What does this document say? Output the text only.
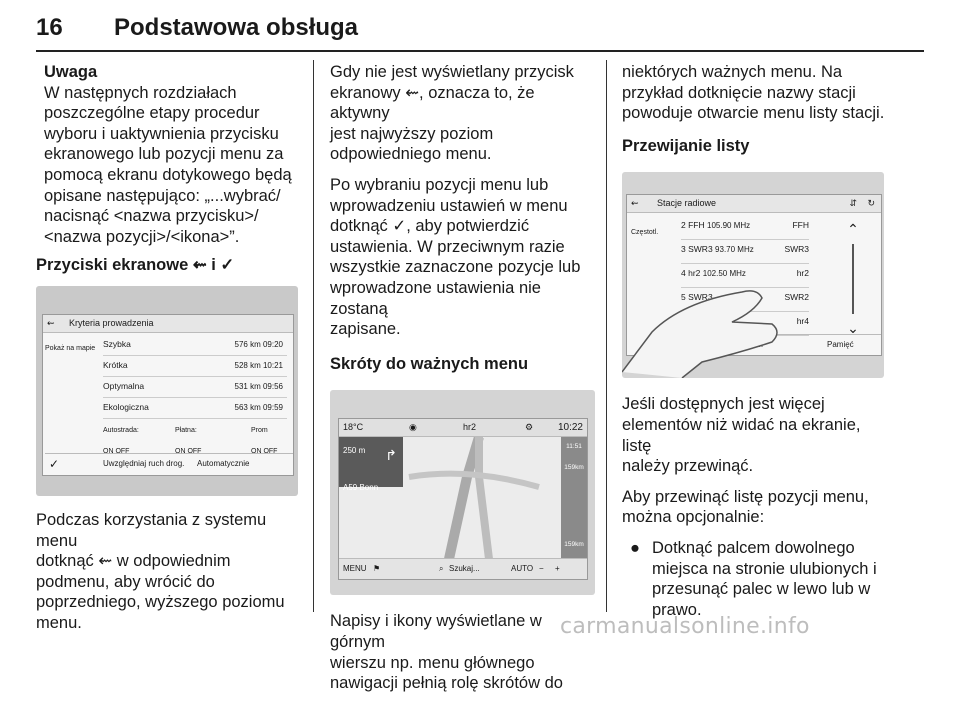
16 Podstawowa obsługa
Uwaga
W następnych rozdziałach
poszczególne etapy procedur
wyboru i uaktywnienia przycisku
ekranowego lub pozycji menu za
pomocą ekranu dotykowego będą
opisane następująco: „...wybrać/
nacisnąć <nazwa przycisku>/
<nazwa pozycji>/<ikona>”.

Przyciski ekranowe ⇜ i ✓

⇜ Kryteria prowadzenia
Pokaż na mapie Szybka	576 km 09:20
Krótka	528 km 10:21
Optymalna	531 km 09:56
Ekologiczna	563 km 09:59
Autostrada:
ON OFF
Płatna:
ON OFF
Prom
ON OFF
✓	Uwzględniaj ruch drog. Automatycznie

Podczas korzystania z systemu menu
dotknąć ⇜ w odpowiednim
podmenu, aby wrócić do
poprzedniego, wyższego poziomu
menu.

Gdy nie jest wyświetlany przycisk
ekranowy ⇜, oznacza to, że aktywny
jest najwyższy poziom
odpowiedniego menu.

Po wybraniu pozycji menu lub
wprowadzeniu ustawień w menu
dotknąć ✓, aby potwierdzić
ustawienia. W przeciwnym razie
wszystkie zaznaczone pozycje lub
wprowadzone ustawienia nie zostaną
zapisane.

Skróty do ważnych menu

18°C	◉	hr2	⚙ 10:22
250 m
A59 Bonn
↱
11:51
159km
159km
MENU ⚑	⌕ Szukaj...	AUTO − +

Napisy i ikony wyświetlane w górnym
wierszu np. menu głównego
nawigacji pełnią rolę skrótów do

niektórych ważnych menu. Na
przykład dotknięcie nazwy stacji
powoduje otwarcie menu listy stacji.

Przewijanie listy

⇜ Stacje radiowe	⇵ ↻
Częstotl.
2 FFH 105.90 MHz	FFH
3 SWR3 93.70 MHz	SWR3
4 hr2 102.50 MHz	hr2
5 SWR3	SWR2
hr4
⌃
⌄
Pamięć

Jeśli dostępnych jest więcej
elementów niż widać na ekranie, listę
należy przewinąć.

Aby przewinąć listę pozycji menu,
można opcjonalnie:

● Dotknąć palcem dowolnego
miejsca na stronie ulubionych i
przesunąć palec w lewo lub w
prawo.
carmanualsonline.info
